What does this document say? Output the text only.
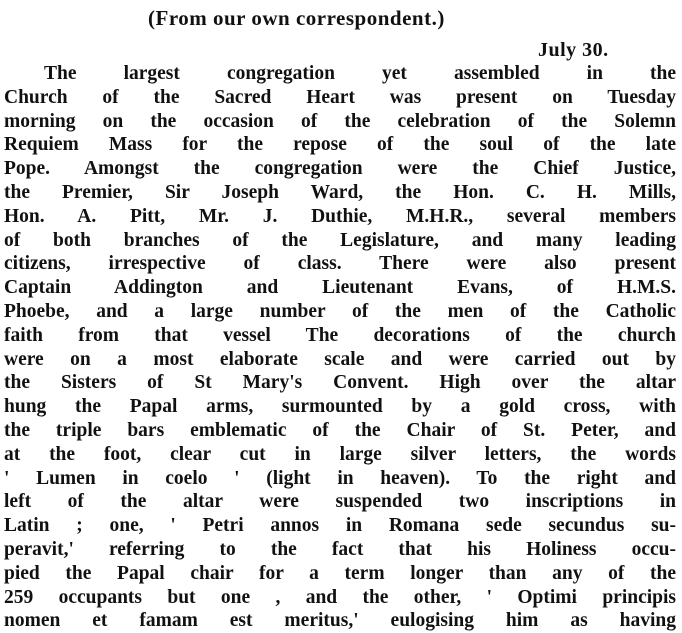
(From our own correspondent.)
July 30.
The largest congregation yet assembled in the
Church of the Sacred Heart was present on Tuesday
morning on the occasion of the celebration of the Solemn
Requiem Mass for the repose of the soul of the late
Pope. Amongst the congregation were the Chief Justice,
the Premier, Sir Joseph Ward, the Hon. C. H. Mills,
Hon. A. Pitt, Mr. J. Duthie, M.H.R., several members
of both branches of the Legislature, and many leading
citizens, irrespective of class. There were also present
Captain Addington and Lieutenant Evans, of H.M.S.
Phoebe, and a large number of the men of the Catholic
faith from that vessel The decorations of the church
were on a most elaborate scale and were carried out by
the Sisters of St Mary's Convent. High over the altar
hung the Papal arms, surmounted by a gold cross, with
the triple bars emblematic of the Chair of St. Peter, and
at the foot, clear cut in large silver letters, the words
' Lumen in coelo ' (light in heaven). To the right and
left of the altar were suspended two inscriptions in
Latin ; one, ' Petri annos in Romana sede secundus su-
peravit,' referring to the fact that his Holiness occu-
pied the Papal chair for a term longer than any of the
259 occupants but one , and the other, ' Optimi principis
nomen et famam est meritus,' eulogising him as having
